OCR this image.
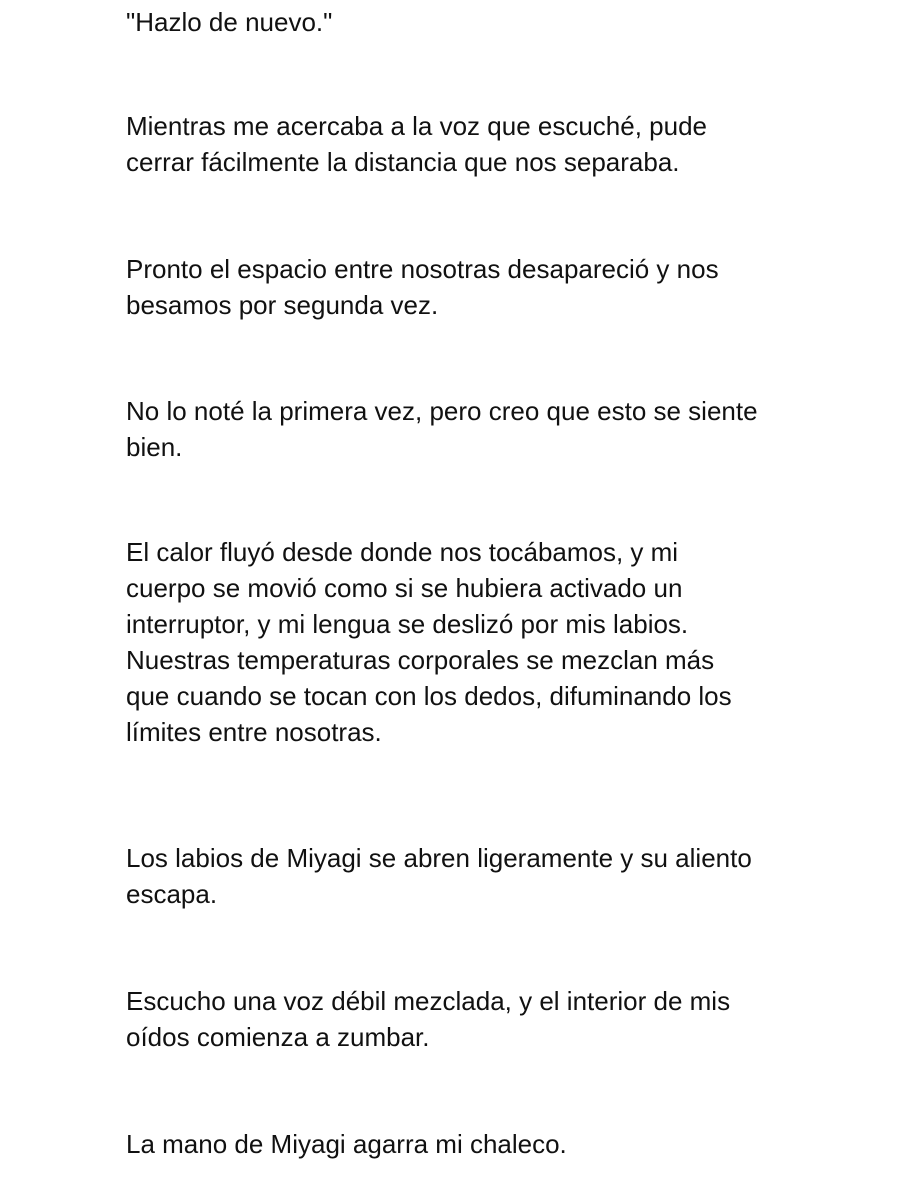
"Hazlo de nuevo."

Mientras me acercaba a la voz que escuché, pude
cerrar fácilmente la distancia que nos separaba.

Pronto el espacio entre nosotras desapareció y nos
besamos por segunda vez.

No lo noté la primera vez, pero creo que esto se siente
bien.

El calor fluyó desde donde nos tocábamos, y mi
cuerpo se movió como si se hubiera activado un
interruptor, y mi lengua se deslizó por mis labios.
Nuestras temperaturas corporales se mezclan más
que cuando se tocan con los dedos, difuminando los
límites entre nosotras.

Los labios de Miyagi se abren ligeramente y su aliento
escapa.

Escucho una voz débil mezclada, y el interior de mis
oídos comienza a zumbar.

La mano de Miyagi agarra mi chaleco.
